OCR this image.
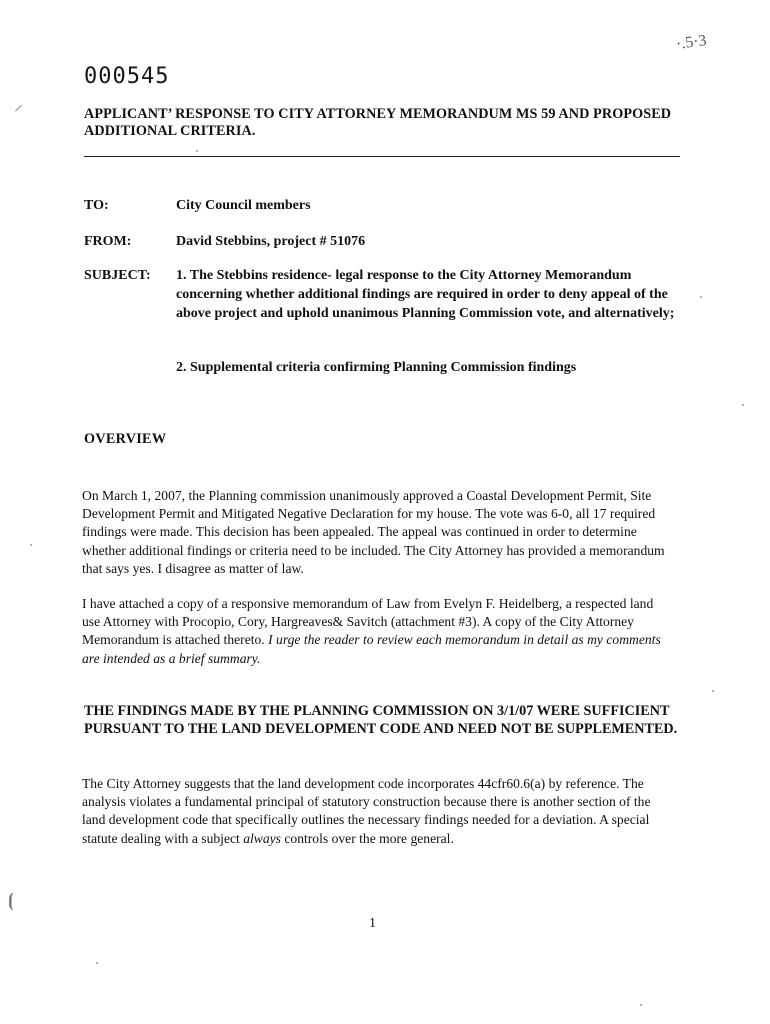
000545
·.5·3
APPLICANT’ RESPONSE TO CITY ATTORNEY MEMORANDUM MS 59 AND PROPOSED ADDITIONAL CRITERIA.
TO:	City Council members
FROM:	David Stebbins, project # 51076
SUBJECT: 1. The Stebbins residence- legal response to the City Attorney Memorandum concerning whether additional findings are required in order to deny appeal of the above project and uphold unanimous Planning Commission vote, and alternatively;
2. Supplemental criteria confirming Planning Commission findings
OVERVIEW
On March 1, 2007, the Planning commission unanimously approved a Coastal Development Permit, Site Development Permit and Mitigated Negative Declaration for my house. The vote was 6-0, all 17 required findings were made. This decision has been appealed. The appeal was continued in order to determine whether additional findings or criteria need to be included. The City Attorney has provided a memorandum that says yes. I disagree as matter of law.
I have attached a copy of a responsive memorandum of Law from Evelyn F. Heidelberg, a respected land use Attorney with Procopio, Cory, Hargreaves& Savitch (attachment #3). A copy of the City Attorney Memorandum is attached thereto. I urge the reader to review each memorandum in detail as my comments are intended as a brief summary.
THE FINDINGS MADE BY THE PLANNING COMMISSION ON 3/1/07 WERE SUFFICIENT PURSUANT TO THE LAND DEVELOPMENT CODE AND NEED NOT BE SUPPLEMENTED.
The City Attorney suggests that the land development code incorporates 44cfr60.6(a) by reference. The analysis violates a fundamental principal of statutory construction because there is another section of the land development code that specifically outlines the necessary findings needed for a deviation. A special statute dealing with a subject always controls over the more general.
1
⸝
⦗
